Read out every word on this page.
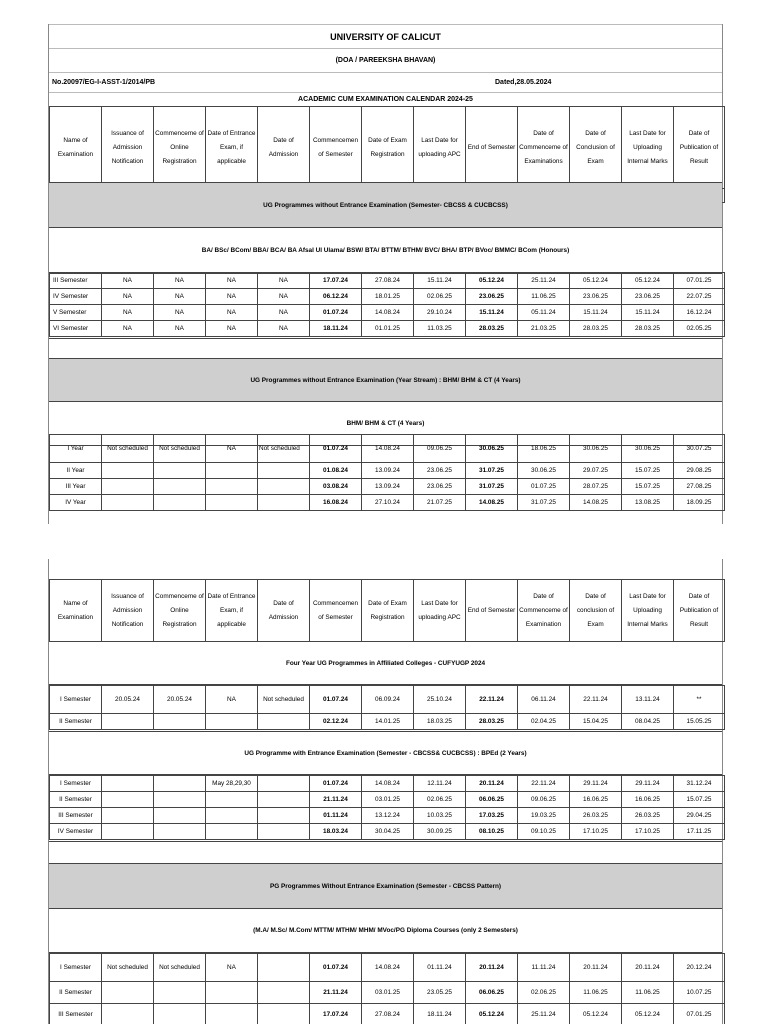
UNIVERSITY OF CALICUT
(DOA / PAREEKSHA BHAVAN)
No.20097/EG-I-ASST-1/2014/PB	Dated,28.05.2024
ACADEMIC CUM EXAMINATION CALENDAR 2024-25
Name of Examination	Issuance of Admission Notification	Commenceme of Online Registration	Date of Entrance Exam, if applicable	Date of Admission	Commencemen of Semester	Date of Exam Registration	Last Date for uploading APC	End of Semester	Date of Commenceme of Examinations	Date of Conclusion of Exam	Last Date for Uploading Internal Marks	Date of Publication of Result

UG Programmes without Entrance Examination (Semester- CBCSS & CUCBCSS)
BA/ BSc/ BCom/ BBA/ BCA/ BA Afsal Ul Ulama/ BSW/ BTA/ BTTM/ BTHM/ BVC/ BHA/ BTP/ BVoc/ BMMC/ BCom (Honours)
III Semester	NA	NA	NA	NA	17.07.24	27.08.24	15.11.24	05.12.24	25.11.24	05.12.24	05.12.24	07.01.25
IV Semester	NA	NA	NA	NA	06.12.24	18.01.25	02.06.25	23.06.25	11.06.25	23.06.25	23.06.25	22.07.25
V Semester	NA	NA	NA	NA	01.07.24	14.08.24	29.10.24	15.11.24	05.11.24	15.11.24	15.11.24	16.12.24
VI Semester	NA	NA	NA	NA	18.11.24	01.01.25	11.03.25	28.03.25	21.03.25	28.03.25	28.03.25	02.05.25
UG Programmes without Entrance Examination (Year Stream) : BHM/ BHM & CT (4 Years)
BHM/ BHM & CT (4 Years)
I Year	Not scheduled	Not scheduled	NA	Not scheduled	01.07.24	14.08.24	09.06.25	30.06.25	18.06.25	30.06.25	30.06.25	30.07.25
II Year					01.08.24	13.09.24	23.06.25	31.07.25	30.06.25	29.07.25	15.07.25	29.08.25
III Year					03.08.24	13.09.24	23.06.25	31.07.25	01.07.25	28.07.25	15.07.25	27.08.25
IV Year					16.08.24	27.10.24	21.07.25	14.08.25	31.07.25	14.08.25	13.08.25	18.09.25
Name of Examination	Issuance of Admission Notification	Commenceme of Online Registration	Date of Entrance Exam, if applicable	Date of Admission	Commencemen of Semester	Date of Exam Registration	Last Date for uploading APC	End of Semester	Date of Commenceme of Examination	Date of conclusion of Exam	Last Date for Uploading Internal Marks	Date of Publication of Result
Four Year UG Programmes in Affiliated Colleges - CUFYUGP 2024
I Semester	20.05.24	20.05.24	NA	Not scheduled	01.07.24	06.09.24	25.10.24	22.11.24	06.11.24	22.11.24	13.11.24	**
II Semester					02.12.24	14.01.25	18.03.25	28.03.25	02.04.25	15.04.25	08.04.25	15.05.25
UG Programme with Entrance Examination (Semester - CBCSS& CUCBCSS) : BPEd (2 Years)
I Semester			May 28,29,30		01.07.24	14.08.24	12.11.24	20.11.24	22.11.24	29.11.24	29.11.24	31.12.24
II Semester					21.11.24	03.01.25	02.06.25	06.06.25	09.06.25	16.06.25	16.06.25	15.07.25
III Semester					01.11.24	13.12.24	10.03.25	17.03.25	19.03.25	26.03.25	26.03.25	29.04.25
IV Semester					18.03.24	30.04.25	30.09.25	08.10.25	09.10.25	17.10.25	17.10.25	17.11.25
PG Programmes Without Entrance Examination (Semester - CBCSS Pattern)
(M.A/ M.Sc/ M.Com/ MTTM/ MTHM/ MHM/ MVoc/PG Diploma Courses (only 2 Semesters)
I Semester	Not scheduled	Not scheduled	NA		01.07.24	14.08.24	01.11.24	20.11.24	11.11.24	20.11.24	20.11.24	20.12.24
II Semester					21.11.24	03.01.25	23.05.25	06.06.25	02.06.25	11.06.25	11.06.25	10.07.25
III Semester					17.07.24	27.08.24	18.11.24	05.12.24	25.11.24	05.12.24	05.12.24	07.01.25
